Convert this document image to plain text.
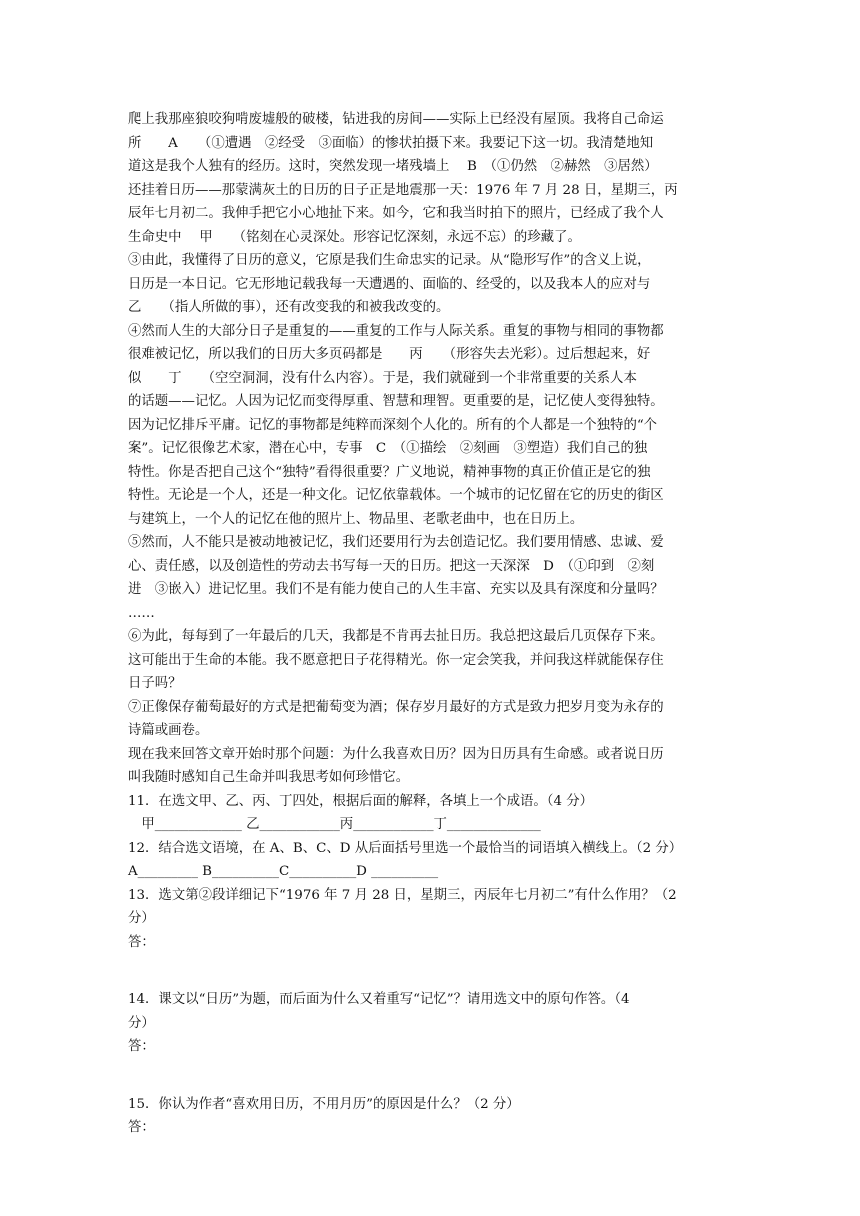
爬上我那座狼咬狗啃废墟般的破楼，钻进我的房间——实际上已经没有屋顶。我将自己命运
所　　A　　（①遭遇　②经受　③面临）的惨状拍摄下来。我要记下这一切。我清楚地知
道这是我个人独有的经历。这时，突然发现一堵残墙上　 B　（①仍然　②赫然　③居然）
还挂着日历——那蒙满灰土的日历的日子正是地震那一天：1976 年 7 月 28 日，星期三，丙
辰年七月初二。我伸手把它小心地扯下来。如今，它和我当时拍下的照片，已经成了我个人
生命史中　 甲　　（铭刻在心灵深处。形容记忆深刻，永远不忘）的珍藏了。
③由此，我懂得了日历的意义，它原是我们生命忠实的记录。从“隐形写作”的含义上说，
日历是一本日记。它无形地记载我每一天遭遇的、面临的、经受的，以及我本人的应对与
乙　　（指人所做的事），还有改变我的和被我改变的。
④然而人生的大部分日子是重复的——重复的工作与人际关系。重复的事物与相同的事物都
很难被记忆，所以我们的日历大多页码都是　　丙　　（形容失去光彩）。过后想起来，好
似　　丁　　（空空洞洞，没有什么内容）。于是，我们就碰到一个非常重要的关系人本
的话题——记忆。人因为记忆而变得厚重、智慧和理智。更重要的是，记忆使人变得独特。
因为记忆排斥平庸。记忆的事物都是纯粹而深刻个人化的。所有的个人都是一个独特的“个
案”。记忆很像艺术家，潜在心中，专事　C　（①描绘　②刻画　③塑造）我们自己的独
特性。你是否把自己这个“独特”看得很重要？广义地说，精神事物的真正价值正是它的独
特性。无论是一个人，还是一种文化。记忆依靠载体。一个城市的记忆留在它的历史的街区
与建筑上，一个人的记忆在他的照片上、物品里、老歌老曲中，也在日历上。
⑤然而，人不能只是被动地被记忆，我们还要用行为去创造记忆。我们要用情感、忠诚、爱
心、责任感，以及创造性的劳动去书写每一天的日历。把这一天深深　D　（①印到　②刻
进　③嵌入）进记忆里。我们不是有能力使自己的人生丰富、充实以及具有深度和分量吗？
……
⑥为此，每每到了一年最后的几天，我都是不肯再去扯日历。我总把这最后几页保存下来。
这可能出于生命的本能。我不愿意把日子花得精光。你一定会笑我，并问我这样就能保存住
日子吗？
⑦正像保存葡萄最好的方式是把葡萄变为酒；保存岁月最好的方式是致力把岁月变为永存的
诗篇或画卷。
现在我来回答文章开始时那个问题：为什么我喜欢日历？因为日历具有生命感。或者说日历
叫我随时感知自己生命并叫我思考如何珍惜它。
11．在选文甲、乙、丙、丁四处，根据后面的解释，各填上一个成语。（4 分）
　甲_____________ 乙____________丙____________丁______________
12．结合选文语境，在 A、B、C、D 从后面括号里选一个最恰当的词语填入横线上。（2 分）
A_________ B__________C__________D __________
13．选文第②段详细记下“1976 年 7 月 28 日，星期三，丙辰年七月初二”有什么作用？（2
分）
答：
14．课文以“日历”为题，而后面为什么又着重写“记忆”？请用选文中的原句作答。（4
分）
答：
15．你认为作者“喜欢用日历，不用月历”的原因是什么？（2 分）
答：
